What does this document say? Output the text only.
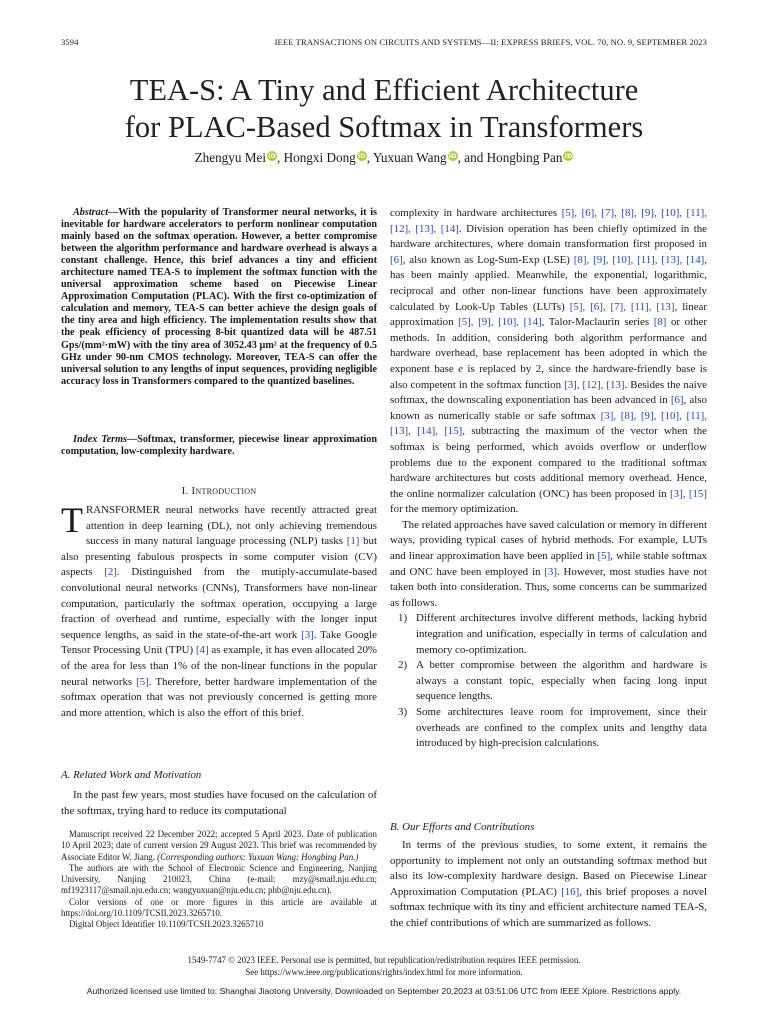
3594	IEEE TRANSACTIONS ON CIRCUITS AND SYSTEMS—II: EXPRESS BRIEFS, VOL. 70, NO. 9, SEPTEMBER 2023
TEA-S: A Tiny and Efficient Architecture
for PLAC-Based Softmax in Transformers
Zhengyu Mei iD, Hongxi Dong iD, Yuxuan Wang iD, and Hongbing Pan iD
Abstract—With the popularity of Transformer neural networks, it is inevitable for hardware accelerators to perform nonlinear computation mainly based on the softmax operation. However, a better compromise between the algorithm performance and hardware overhead is always a constant challenge. Hence, this brief advances a tiny and efficient architecture named TEA-S to implement the softmax function with the universal approximation scheme based on Piecewise Linear Approximation Computation (PLAC). With the first co-optimization of calculation and memory, TEA-S can better achieve the design goals of the tiny area and high efficiency. The implementation results show that the peak efficiency of processing 8-bit quantized data will be 487.51 Gps/(mm²·mW) with the tiny area of 3052.43 μm² at the frequency of 0.5 GHz under 90-nm CMOS technology. Moreover, TEA-S can offer the universal solution to any lengths of input sequences, providing negligible accuracy loss in Transformers compared to the quantized baselines.
Index Terms—Softmax, transformer, piecewise linear approximation computation, low-complexity hardware.
I. Introduction
TRANSFORMER neural networks have recently attracted great attention in deep learning (DL), not only achieving tremendous success in many natural language processing (NLP) tasks [1] but also presenting fabulous prospects in some computer vision (CV) aspects [2]. Distinguished from the mutiply-accumulate-based convolutional neural networks (CNNs), Transformers have non-linear computation, particularly the softmax operation, occupying a large fraction of overhead and runtime, especially with the longer input sequence lengths, as said in the state-of-the-art work [3]. Take Google Tensor Processing Unit (TPU) [4] as example, it has even allocated 20% of the area for less than 1% of the non-linear functions in the popular neural networks [5]. Therefore, better hardware implementation of the softmax operation that was not previously concerned is getting more and more attention, which is also the effort of this brief.
A. Related Work and Motivation
In the past few years, most studies have focused on the calculation of the softmax, trying hard to reduce its computational

Manuscript received 22 December 2022; accepted 5 April 2023. Date of publication 10 April 2023; date of current version 29 August 2023. This brief was recommended by Associate Editor W. Jiang. (Corresponding authors: Yuxuan Wang; Hongbing Pan.)

The authors are with the School of Electronic Science and Engineering, Nanjing University, Nanjing 210023, China (e-mail: mzy@smail.nju.edu.cn; mf1923117@smail.nju.edu.cn; wangyuxuan@nju.edu.cn; phb@nju.edu.cn).

Color versions of one or more figures in this article are available at https://doi.org/10.1109/TCSII.2023.3265710.

Digital Object Identifier 10.1109/TCSII.2023.3265710

complexity in hardware architectures [5], [6], [7], [8], [9], [10], [11], [12], [13], [14]. Division operation has been chiefly optimized in the hardware architectures, where domain transformation first proposed in [6], also known as Log-Sum-Exp (LSE) [8], [9], [10], [11], [13], [14], has been mainly applied. Meanwhile, the exponential, logarithmic, reciprocal and other non-linear functions have been approximately calculated by Look-Up Tables (LUTs) [5], [6], [7], [11], [13], linear approximation [5], [9], [10], [14], Talor-Maclaurin series [8] or other methods. In addition, considering both algorithm performance and hardware overhead, base replacement has been adopted in which the exponent base e is replaced by 2, since the hardware-friendly base is also competent in the softmax function [3], [12], [13]. Besides the naive softmax, the downscaling exponentiation has been advanced in [6], also known as numerically stable or safe softmax [3], [8], [9], [10], [11], [13], [14], [15], subtracting the maximum of the vector when the softmax is being performed, which avoids overflow or underflow problems due to the exponent compared to the traditional softmax hardware architectures but costs additional memory overhead. Hence, the online normalizer calculation (ONC) has been proposed in [3], [15] for the memory optimization.

The related approaches have saved calculation or memory in different ways, providing typical cases of hybrid methods. For example, LUTs and linear approximation have been applied in [5], while stable softmax and ONC have been employed in [3]. However, most studies have not taken both into consideration. Thus, some concerns can be summarized as follows.

1) Different architectures involve different methods, lacking hybrid integration and unification, especially in terms of calculation and memory co-optimization.
2) A better compromise between the algorithm and hardware is always a constant topic, especially when facing long input sequence lengths.
3) Some architectures leave room for improvement, since their overheads are confined to the complex units and lengthy data introduced by high-precision calculations.
B. Our Efforts and Contributions
In terms of the previous studies, to some extent, it remains the opportunity to implement not only an outstanding softmax method but also its low-complexity hardware design. Based on Piecewise Linear Approximation Computation (PLAC) [16], this brief proposes a novel softmax technique with its tiny and efficient architecture named TEA-S, the chief contributions of which are summarized as follows.
1549-7747 © 2023 IEEE. Personal use is permitted, but republication/redistribution requires IEEE permission.
See https://www.ieee.org/publications/rights/index.html for more information.
Authorized licensed use limited to: Shanghai Jiaotong University. Downloaded on September 20,2023 at 03:51:06 UTC from IEEE Xplore. Restrictions apply.
